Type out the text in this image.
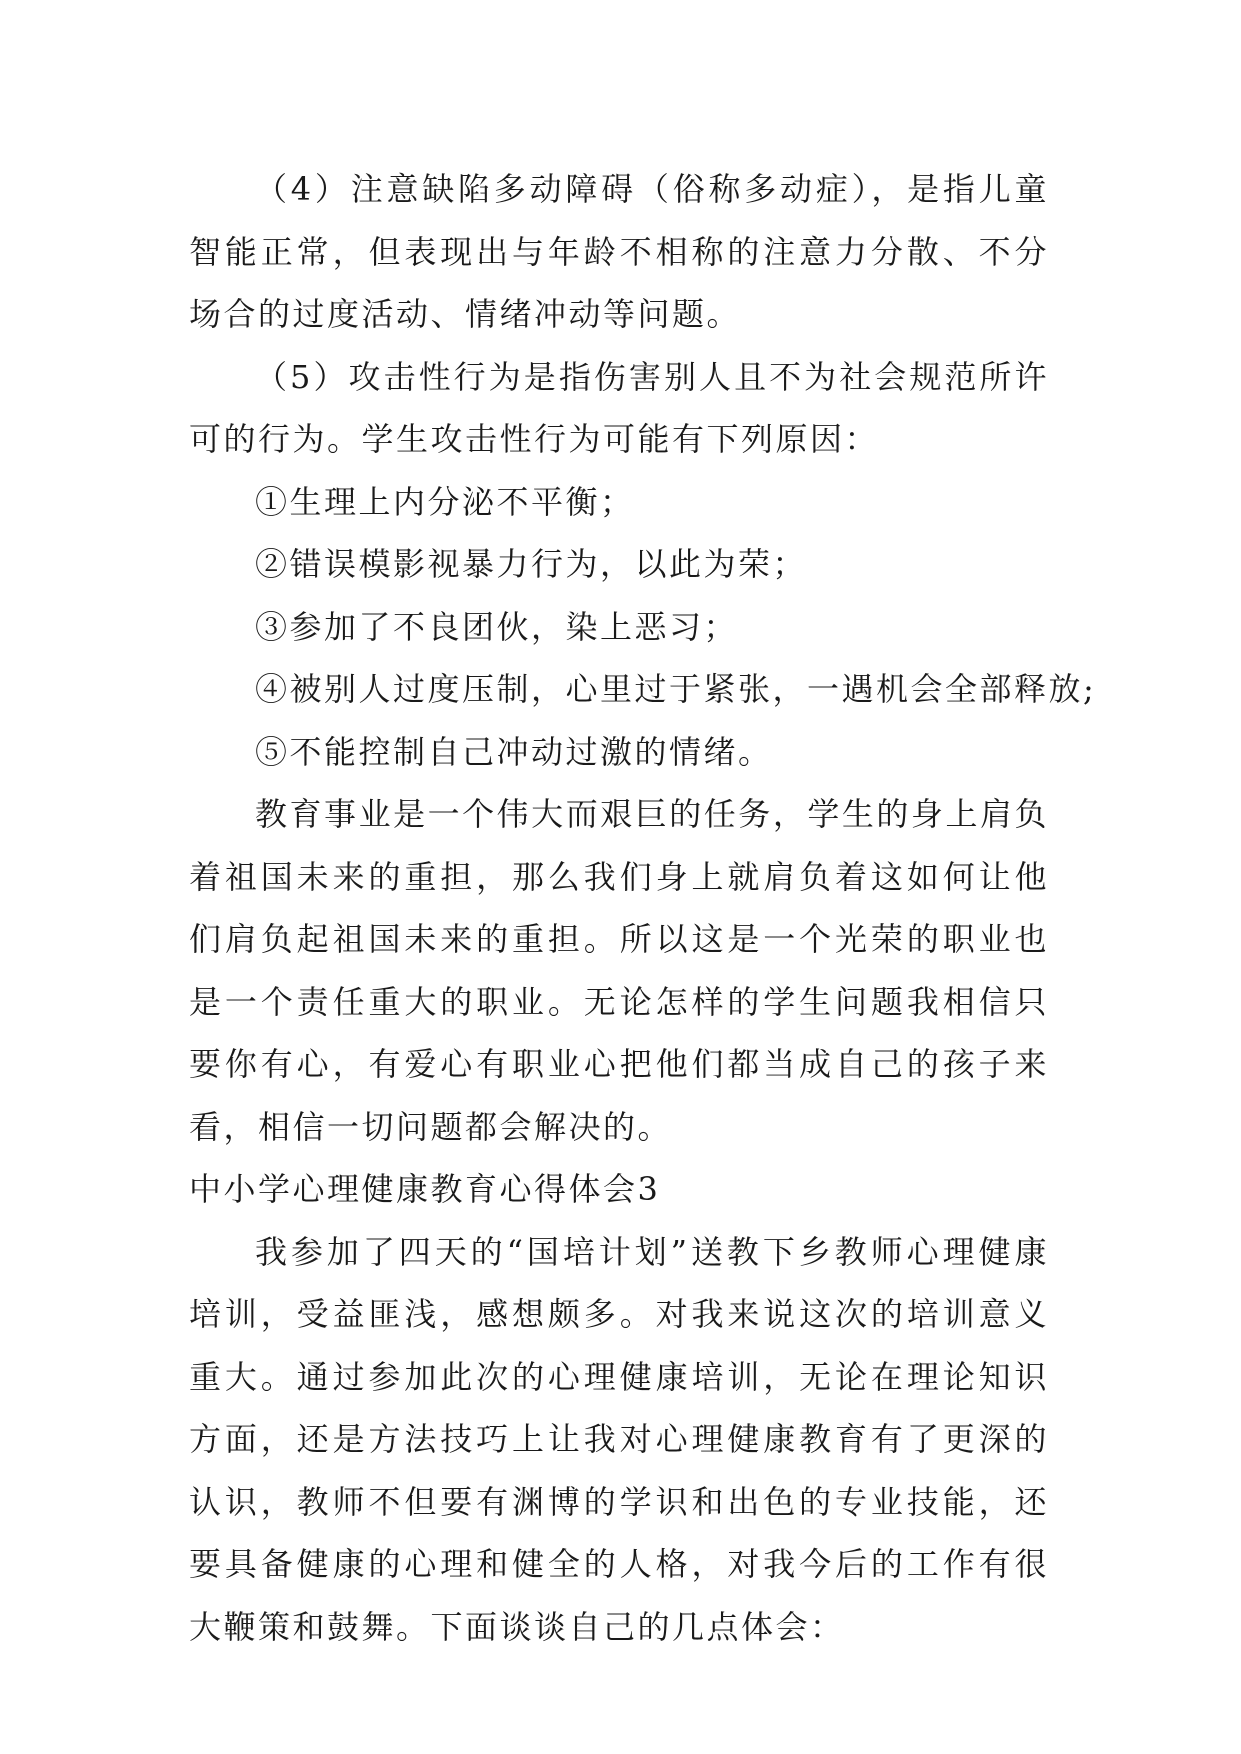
（4）注意缺陷多动障碍（俗称多动症），是指儿童智能正常，但表现出与年龄不相称的注意力分散、不分场合的过度活动、情绪冲动等问题。

（5）攻击性行为是指伤害别人且不为社会规范所许可的行为。学生攻击性行为可能有下列原因：

①生理上内分泌不平衡；

②错误模影视暴力行为，以此为荣；

③参加了不良团伙，染上恶习；

④被别人过度压制，心里过于紧张，一遇机会全部释放;

⑤不能控制自己冲动过激的情绪。

教育事业是一个伟大而艰巨的任务，学生的身上肩负着祖国未来的重担，那么我们身上就肩负着这如何让他们肩负起祖国未来的重担。所以这是一个光荣的职业也是一个责任重大的职业。无论怎样的学生问题我相信只要你有心，有爱心有职业心把他们都当成自己的孩子来看，相信一切问题都会解决的。

中小学心理健康教育心得体会3

我参加了四天的“国培计划”送教下乡教师心理健康培训，受益匪浅，感想颇多。对我来说这次的培训意义重大。通过参加此次的心理健康培训，无论在理论知识方面，还是方法技巧上让我对心理健康教育有了更深的认识，教师不但要有渊博的学识和出色的专业技能，还要具备健康的心理和健全的人格，对我今后的工作有很大鞭策和鼓舞。下面谈谈自己的几点体会：
